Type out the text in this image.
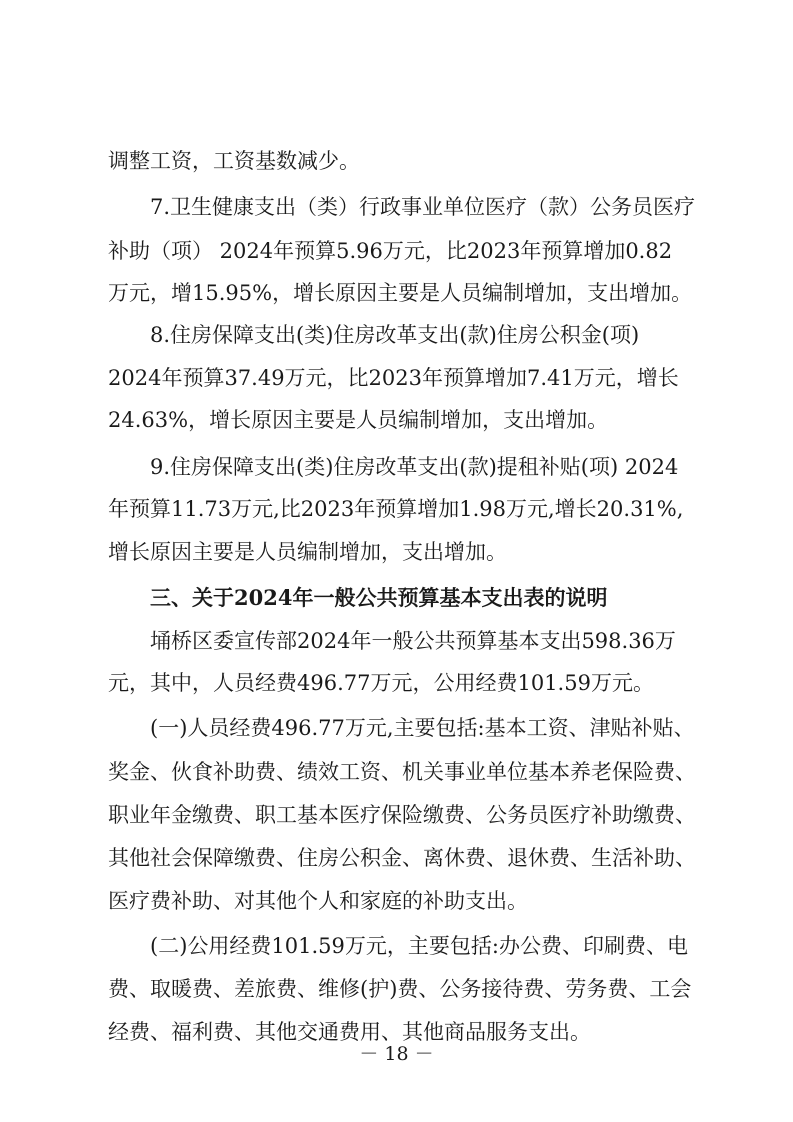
调整工资，工资基数减少。
7.卫生健康支出（类）行政事业单位医疗（款）公务员医疗
补助（项） 2024年预算5.96万元，比2023年预算增加0.82
万元，增15.95%，增长原因主要是人员编制增加，支出增加。
8.住房保障支出(类)住房改革支出(款)住房公积金(项)
2024年预算37.49万元，比2023年预算增加7.41万元，增长
24.63%，增长原因主要是人员编制增加，支出增加。
9.住房保障支出(类)住房改革支出(款)提租补贴(项) 2024
年预算11.73万元,比2023年预算增加1.98万元,增长20.31%,
增长原因主要是人员编制增加，支出增加。
三、关于2024年一般公共预算基本支出表的说明
埇桥区委宣传部2024年一般公共预算基本支出598.36万
元，其中，人员经费496.77万元，公用经费101.59万元。
(一)人员经费496.77万元,主要包括:基本工资、津贴补贴、
奖金、伙食补助费、绩效工资、机关事业单位基本养老保险费、
职业年金缴费、职工基本医疗保险缴费、公务员医疗补助缴费、
其他社会保障缴费、住房公积金、离休费、退休费、生活补助、
医疗费补助、对其他个人和家庭的补助支出。
(二)公用经费101.59万元，主要包括:办公费、印刷费、电
费、取暖费、差旅费、维修(护)费、公务接待费、劳务费、工会
经费、福利费、其他交通费用、其他商品服务支出。
－ 18 －
